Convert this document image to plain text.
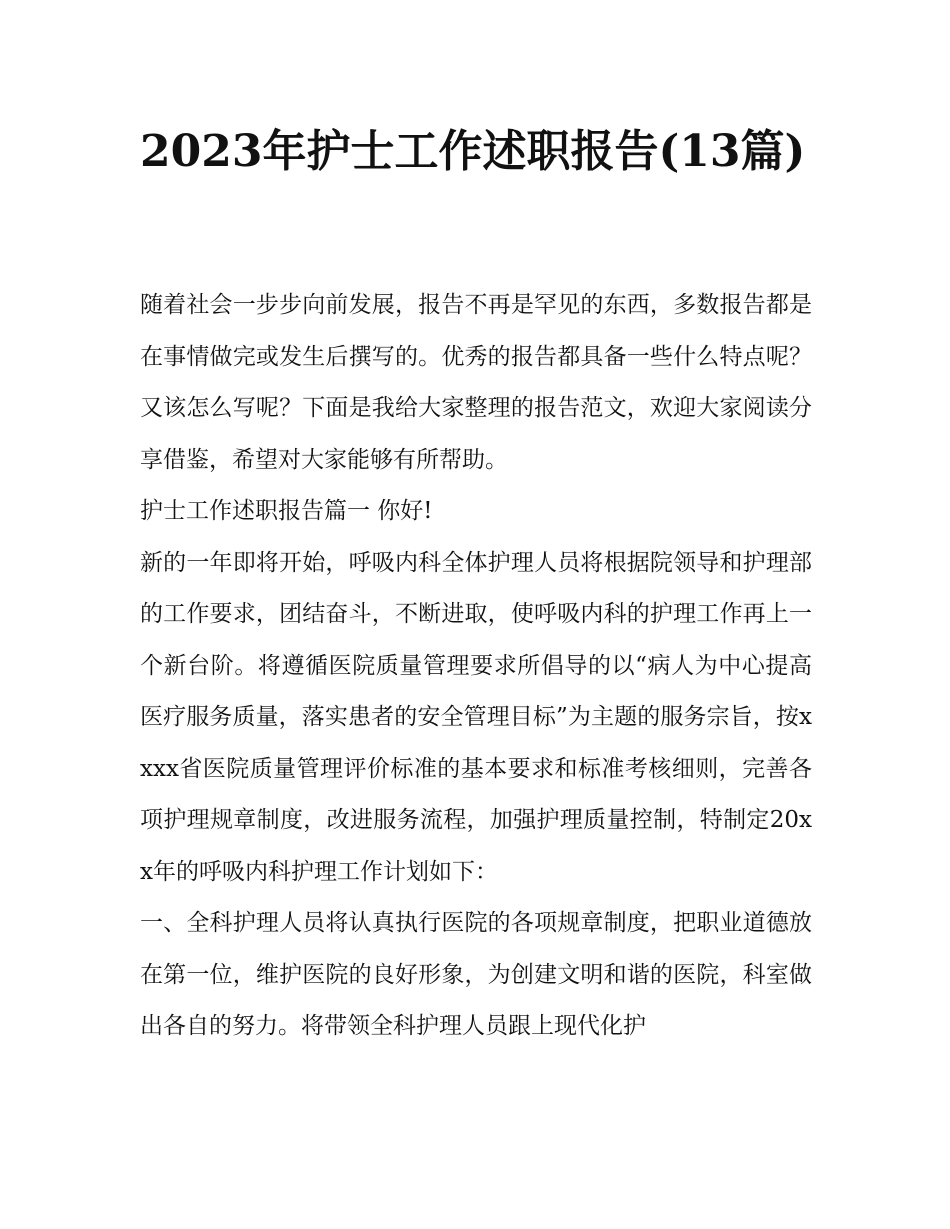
2023年护士工作述职报告(13篇)

随着社会一步步向前发展，报告不再是罕见的东西，多数报告都是在事情做完或发生后撰写的。优秀的报告都具备一些什么特点呢？又该怎么写呢？下面是我给大家整理的报告范文，欢迎大家阅读分享借鉴，希望对大家能够有所帮助。

护士工作述职报告篇一 你好!

新的一年即将开始，呼吸内科全体护理人员将根据院领导和护理部的工作要求，团结奋斗，不断进取，使呼吸内科的护理工作再上一个新台阶。将遵循医院质量管理要求所倡导的以“病人为中心提高医疗服务质量，落实患者的安全管理目标”为主题的服务宗旨，按xxxx省医院质量管理评价标准的基本要求和标准考核细则，完善各项护理规章制度，改进服务流程，加强护理质量控制，特制定20xx年的呼吸内科护理工作计划如下：

一、全科护理人员将认真执行医院的各项规章制度，把职业道德放在第一位，维护医院的良好形象，为创建文明和谐的医院，科室做出各自的努力。将带领全科护理人员跟上现代化护
